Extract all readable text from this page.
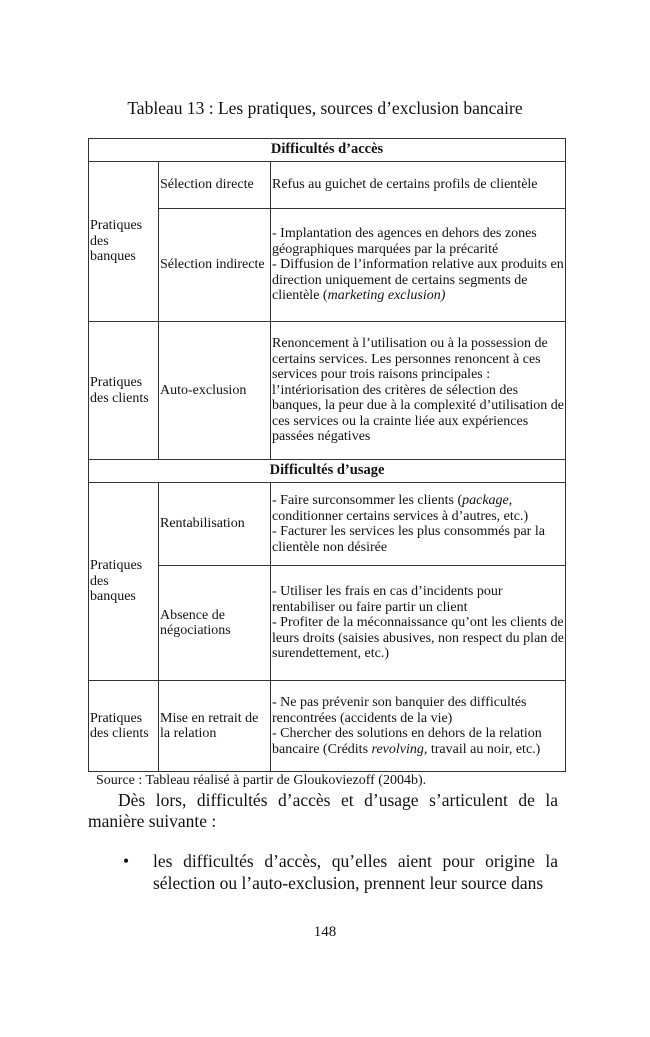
Tableau 13 : Les pratiques, sources d’exclusion bancaire
Difficultés d’accès		
Pratiques des banques	Sélection directe	Refus au guichet de certains profils de clientèle

	Sélection indirecte	- Implantation des agences en dehors des zones géographiques marquées par la précarité
- Diffusion de l’information relative aux produits en direction uniquement de certains segments de clientèle (marketing exclusion)

Pratiques des clients	Auto-exclusion	Renoncement à l’utilisation ou à la possession de certains services. Les personnes renoncent à ces services pour trois raisons principales : l’intériorisation des critères de sélection des banques, la peur due à la complexité d’utilisation de ces services ou la crainte liée aux expériences passées négatives

Difficultés d’usage		
Pratiques des banques	Rentabilisation	- Faire surconsommer les clients (package, conditionner certains services à d’autres, etc.)
- Facturer les services les plus consommés par la clientèle non désirée

	Absence de négociations	- Utiliser les frais en cas d’incidents pour rentabiliser ou faire partir un client
- Profiter de la méconnaissance qu’ont les clients de leurs droits (saisies abusives, non respect du plan de surendettement, etc.)

Pratiques des clients	Mise en retrait de la relation	- Ne pas prévenir son banquier des difficultés rencontrées (accidents de la vie)
- Chercher des solutions en dehors de la relation bancaire (Crédits revolving, travail au noir, etc.)
Source : Tableau réalisé à partir de Gloukoviezoff (2004b).
Dès lors, difficultés d’accès et d’usage s’articulent de la manière suivante :
• les difficultés d’accès, qu’elles aient pour origine la sélection ou l’auto-exclusion, prennent leur source dans
148
